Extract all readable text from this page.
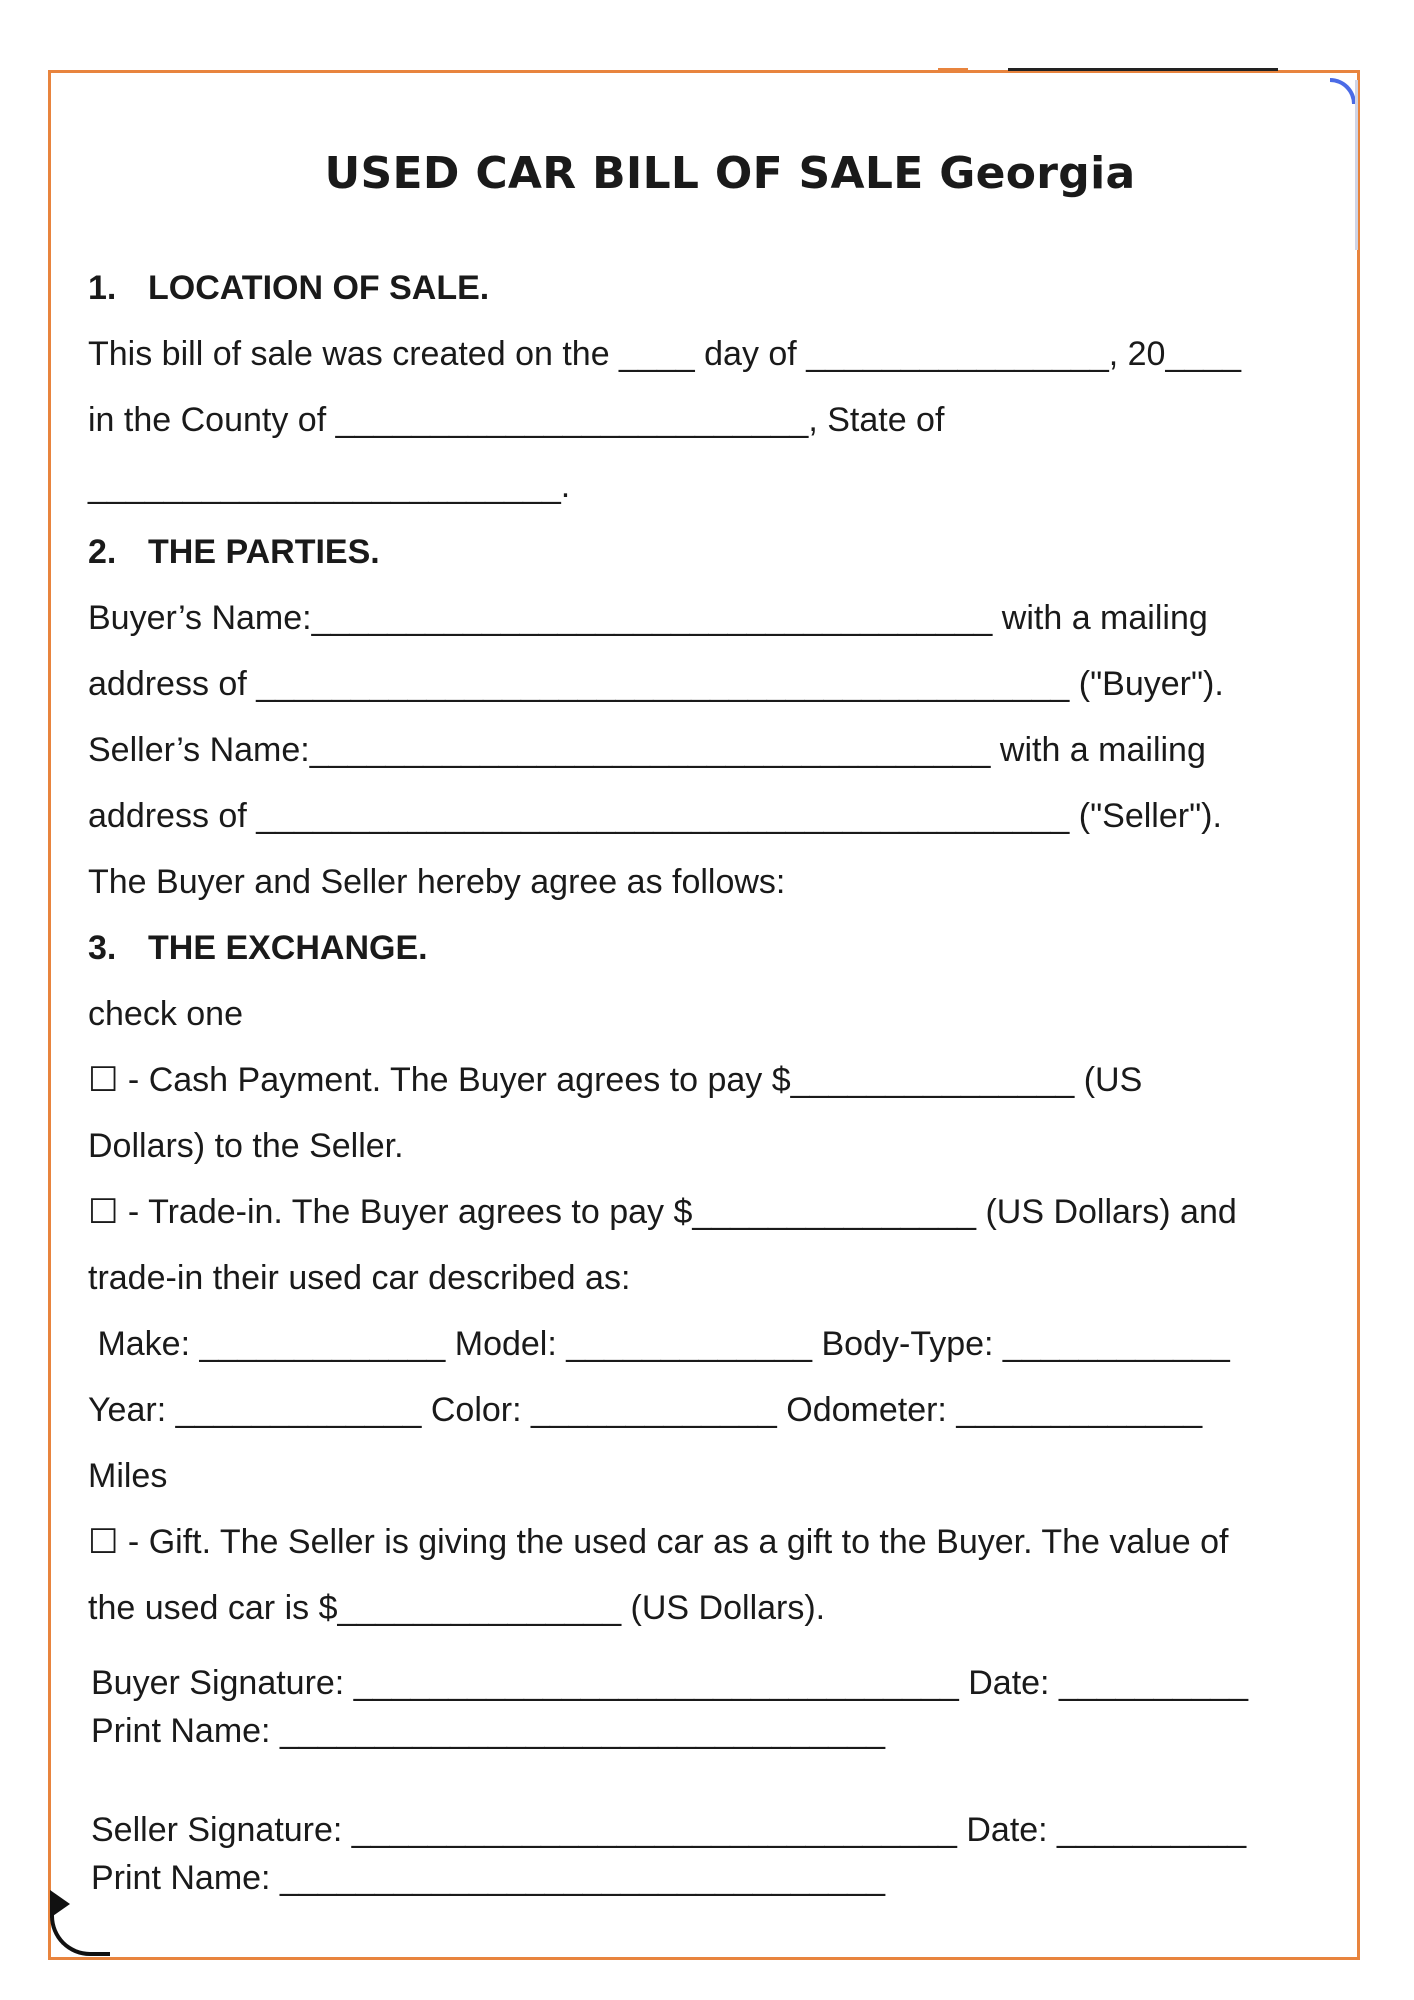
USED CAR BILL OF SALE Georgia
1. LOCATION OF SALE.
This bill of sale was created on the ____ day of ________________, 20____
in the County of _________________________, State of
_________________________.
2. THE PARTIES.
Buyer’s Name:____________________________________ with a mailing
address of ___________________________________________ ("Buyer").
Seller’s Name:____________________________________ with a mailing
address of ___________________________________________ ("Seller").
The Buyer and Seller hereby agree as follows:
3. THE EXCHANGE.
check one
☐ - Cash Payment. The Buyer agrees to pay $_______________ (US
Dollars) to the Seller.
☐ - Trade-in. The Buyer agrees to pay $_______________ (US Dollars) and
trade-in their used car described as:
Make: _____________ Model: _____________ Body-Type: ____________
Year: _____________ Color: _____________ Odometer: _____________
Miles
☐ - Gift. The Seller is giving the used car as a gift to the Buyer. The value of
the used car is $_______________ (US Dollars).
Buyer Signature: ________________________________ Date: __________
Print Name: ________________________________
Seller Signature: ________________________________ Date: __________
Print Name: ________________________________
